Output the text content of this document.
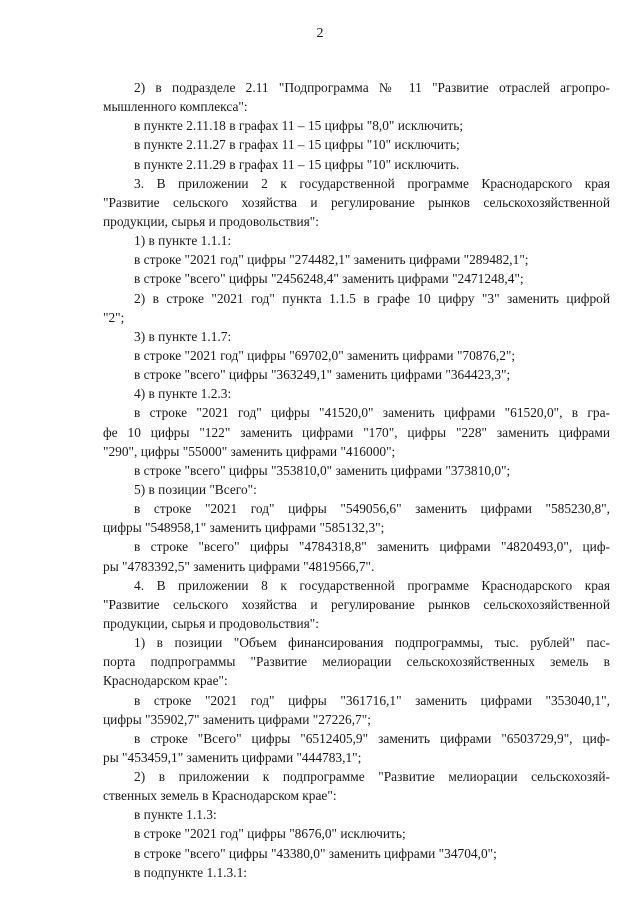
2
2) в подразделе 2.11 "Подпрограмма № 11 "Развитие отраслей агропро-
мышленного комплекса":
в пункте 2.11.18 в графах 11 – 15 цифры "8,0" исключить;
в пункте 2.11.27 в графах 11 – 15 цифры "10" исключить;
в пункте 2.11.29 в графах 11 – 15 цифры "10" исключить.
3. В приложении 2 к государственной программе Краснодарского края
"Развитие сельского хозяйства и регулирование рынков сельскохозяйственной
продукции, сырья и продовольствия":
1) в пункте 1.1.1:
в строке "2021 год" цифры "274482,1" заменить цифрами "289482,1";
в строке "всего" цифры "2456248,4" заменить цифрами "2471248,4";
2) в строке "2021 год" пункта 1.1.5 в графе 10 цифру "3" заменить цифрой
"2";
3) в пункте 1.1.7:
в строке "2021 год" цифры "69702,0" заменить цифрами "70876,2";
в строке "всего" цифры "363249,1" заменить цифрами "364423,3";
4) в пункте 1.2.3:
в строке "2021 год" цифры "41520,0" заменить цифрами "61520,0", в гра-
фе 10 цифры "122" заменить цифрами "170", цифры "228" заменить цифрами
"290", цифры "55000" заменить цифрами "416000";
в строке "всего" цифры "353810,0" заменить цифрами "373810,0";
5) в позиции "Всего":
в строке "2021 год" цифры "549056,6" заменить цифрами "585230,8",
цифры "548958,1" заменить цифрами "585132,3";
в строке "всего" цифры "4784318,8" заменить цифрами "4820493,0", циф-
ры "4783392,5" заменить цифрами "4819566,7".
4. В приложении 8 к государственной программе Краснодарского края
"Развитие сельского хозяйства и регулирование рынков сельскохозяйственной
продукции, сырья и продовольствия":
1) в позиции "Объем финансирования подпрограммы, тыс. рублей" пас-
порта подпрограммы "Развитие мелиорации сельскохозяйственных земель в
Краснодарском крае":
в строке "2021 год" цифры "361716,1" заменить цифрами "353040,1",
цифры "35902,7" заменить цифрами "27226,7";
в строке "Всего" цифры "6512405,9" заменить цифрами "6503729,9", циф-
ры "453459,1" заменить цифрами "444783,1";
2) в приложении к подпрограмме "Развитие мелиорации сельскохозяй-
ственных земель в Краснодарском крае":
в пункте 1.1.3:
в строке "2021 год" цифры "8676,0" исключить;
в строке "всего" цифры "43380,0" заменить цифрами "34704,0";
в подпункте 1.1.3.1:
